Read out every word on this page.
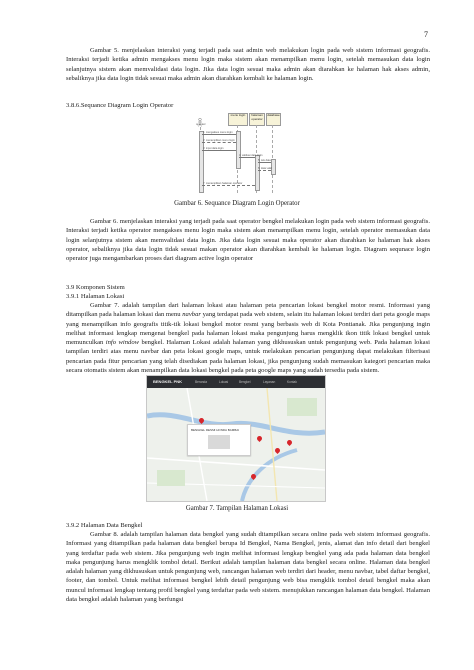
7

Gambar 5. menjelaskan interaksi yang terjadi pada saat admin web melakukan login pada web sistem informasi geografis. Interaksi terjadi ketika admin mengakses menu login maka sistem akan menampilkan menu login, setelah memasukan data login selanjutnya sistem akan memvalidasi data login. Jika data login sesuai maka admin akan diarahkan ke halaman hak akses admin, sebaliknya jika data login tidak sesuai maka admin akan diarahkan kembali ke halaman login.

3.8.6.Sequance Diagram Login Operator
operator
menu login	halaman operator
database
1: mengakses menu login
2: menampilkan menu login
3: input data login
4: validasi data login
5: cek data
6: data valid
7: menampilkan halaman operator
Gambar 6. Sequance Diagram Login Operator

Gambar 6. menjelaskan interaksi yang terjadi pada saat operator bengkel melakukan login pada web sistem informasi geografis. Interaksi terjadi ketika operator mengakses menu login maka sistem akan menampilkan menu login, setelah operator memasukan data login selanjutnya sistem akan memvalidasi data login. Jika data login sesuai maka operator akan diarahkan ke halaman hak akses operator, sebaliknya jika data login tidak sesuai makan operator akan diarahkan kembali ke halaman login. Diagram sequnace login operator juga mengambarkan proses dari diagram active login operator

3.9 Komponen Sistem
3.9.1 Halaman Lokasi

Gambar 7. adalah tampilan dari halaman lokasi atau halaman peta pencarian lokasi bengkel motor resmi. Informasi yang ditampilkan pada halaman lokasi dan menu navbar yang terdapat pada web sistem, selain itu halaman lokasi terdiri dari peta google maps yang menampilkan info geografis titik-tik lokasi bengkel motor resmi yang berbasis web di Kota Pontianak. Jika pengunjung ingin melihat informasi lengkap mengenai bengkel pada halaman lokasi maka pengunjung harus mengklik ikon titik lokasi bengkel untuk memunculkan info window bengkel. Halaman Lokasi adalah halaman yang dikhususkan untuk pengunjung web. Pada halaman lokasi tampilan terdiri atas menu navbar dan peta lokasi google maps, untuk melakukan pencarian pengunjung dapat melakukan filterisasi pencarian pada fitur pencarian yang telah disediakan pada halaman lokasi, jika pengunjung sudah memasukan kategori pencarian maka secara otomatis sistem akan menampilkan data lokasi bengkel pada peta google maps yang sudah tersedia pada sistem.

BENGKEL PNK	Beranda	Lokasi	Bengkel	Layanan	Kontak
BENGKEL RESMI HONDA BAMBAI
Gambar 7. Tampilan Halaman Lokasi
3.9.2 Halaman Data Bengkel

Gambar 8. adalah tampilan halaman data bengkel yang sudah ditampilkan secara online pada web sistem informasi geografis. Informasi yang ditampilkan pada halaman data bengkel berupa Id Bengkel, Nama Bengkel, jenis, alamat dan info detail dari bengkel yang terdaftar pada web sistem. Jika pengunjung web ingin melihat informasi lengkap bengkel yang ada pada halaman data bengkel maka pengunjung harus mengklik tombol detail. Berikut adalah tampilan halaman data bengkel secara online. Halaman data bengkel adalah halaman yang dikhususkan untuk pengunjung web, rancangan halaman web terdiri dari header, menu navbar, tabel daftar bengkel, footer, dan tombol. Untuk melihat informasi bengkel lebih detail pengunjung web bisa mengklik tombol detail bengkel maka akan muncul informasi lengkap tentang profil bengkel yang terdaftar pada web sistem. menujukkan rancangan halaman data bengkel. Halaman data bengkel adalah halaman yang berfungsi
